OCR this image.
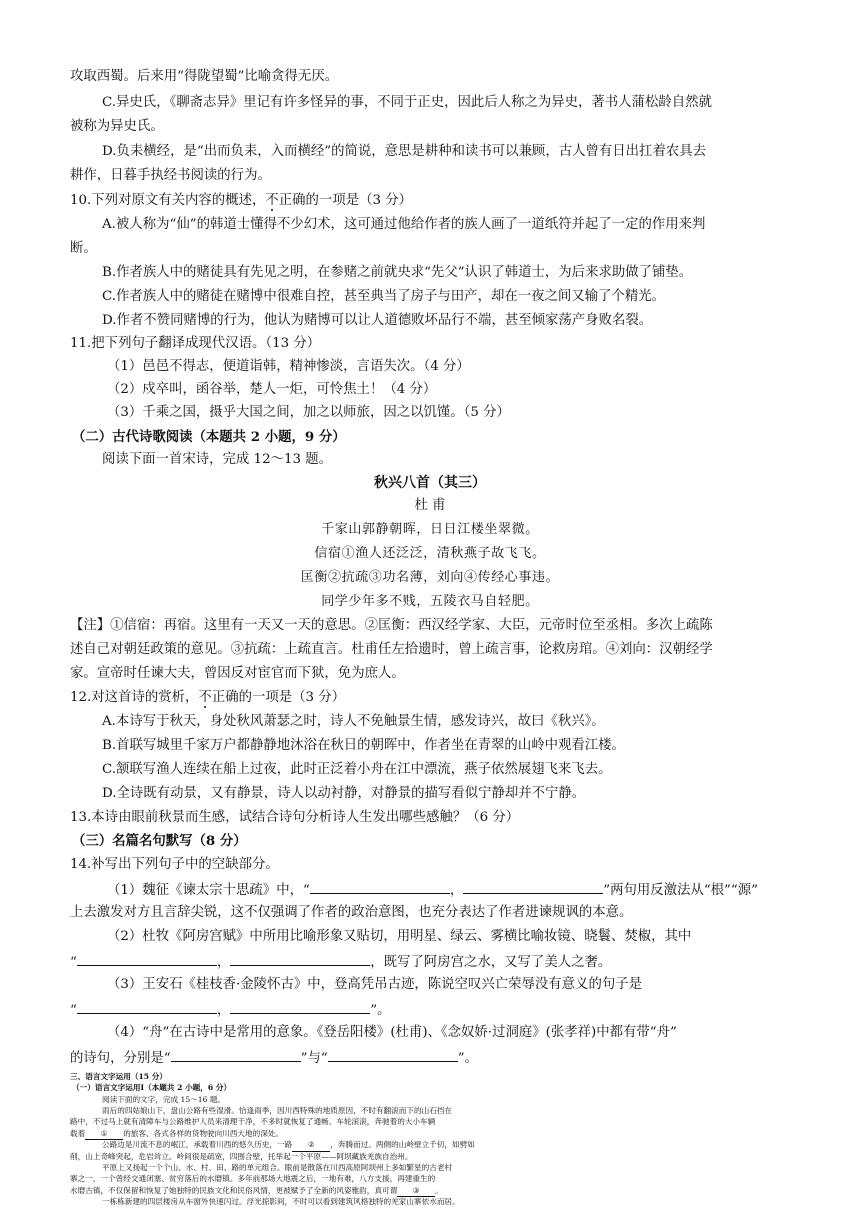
攻取西蜀。后来用“得陇望蜀”比喻贪得无厌。
C.异史氏，《聊斋志异》里记有许多怪异的事，不同于正史，因此后人称之为异史，著书人蒲松龄自然就
被称为异史氏。
D.负耒横经，是“出而负耒，入而横经”的简说，意思是耕种和读书可以兼顾，古人曾有日出扛着农具去
耕作，日暮手执经书阅读的行为。
10.下列对原文有关内容的概述，不正确的一项是（3 分）
A.被人称为“仙”的韩道士懂得不少幻术，这可通过他给作者的族人画了一道纸符并起了一定的作用来判
断。
B.作者族人中的赌徒具有先见之明，在参赌之前就央求“先父”认识了韩道士，为后来求助做了铺垫。
C.作者族人中的赌徒在赌博中很难自控，甚至典当了房子与田产，却在一夜之间又输了个精光。
D.作者不赞同赌博的行为，他认为赌博可以让人道德败坏品行不端，甚至倾家荡产身败名裂。
11.把下列句子翻译成现代汉语。（13 分）
（1）邑邑不得志，便道诣韩，精神惨淡，言语失次。（4 分）
（2）戍卒叫，函谷举，楚人一炬，可怜焦土！（4 分）
（3）千乘之国，摄乎大国之间，加之以师旅，因之以饥馑。（5 分）
（二）古代诗歌阅读（本题共 2 小题，9 分）
阅读下面一首宋诗，完成 12～13 题。
秋兴八首（其三）
杜 甫
千家山郭静朝晖，日日江楼坐翠微。
信宿①渔人还泛泛，清秋燕子故飞飞。
匡衡②抗疏③功名薄，刘向④传经心事违。
同学少年多不贱，五陵衣马自轻肥。
【注】①信宿：再宿。这里有一天又一天的意思。②匡衡：西汉经学家、大臣，元帝时位至丞相。多次上疏陈
述自己对朝廷政策的意见。③抗疏：上疏直言。杜甫任左拾遗时，曾上疏言事，论救房琯。④刘向：汉朝经学
家。宣帝时任谏大夫，曾因反对宦官而下狱，免为庶人。
12.对这首诗的赏析，不正确的一项是（3 分）
A.本诗写于秋天，身处秋风萧瑟之时，诗人不免触景生情，感发诗兴，故曰《秋兴》。
B.首联写城里千家万户都静静地沐浴在秋日的朝晖中，作者坐在青翠的山岭中观看江楼。
C.颔联写渔人连续在船上过夜，此时正泛着小舟在江中漂流，燕子依然展翅飞来飞去。
D.全诗既有动景，又有静景，诗人以动衬静，对静景的描写看似宁静却并不宁静。
13.本诗由眼前秋景而生感，试结合诗句分析诗人生发出哪些感触？（6 分）
（三）名篇名句默写（8 分）
14.补写出下列句子中的空缺部分。
（1）魏征《谏太宗十思疏》中，“	，	”两句用反激法从“根”“源”
上去激发对方且言辞尖锐，这不仅强调了作者的政治意图，也充分表达了作者进谏规讽的本意。
（2）杜牧《阿房宫赋》中所用比喻形象又贴切，用明星、绿云、雾横比喻妆镜、晓鬟、焚椒，其中
“	，	，既写了阿房宫之水，又写了美人之奢。
（3）王安石《桂枝香·金陵怀古》中，登高凭吊古迹，陈说空叹兴亡荣辱没有意义的句子是
“	，	”。
（4）“舟”在古诗中是常用的意象。《登岳阳楼》(杜甫)、《念奴娇·过洞庭》(张孝祥)中都有带“舟”
的诗句，分别是“	”与“	”。
三、语言文字运用（15 分）
（一）语言文字运用Ⅰ（本题共 2 小题，6 分）
阅读下面的文字，完成 15～16 题。
雨后的四姑娘山下，盘山公路有些湿滑。恰逢雨季，因川西特殊的地质原因，不时有翻滚而下的山石挡在
路中，不过马上就有清障车与公路维护人员来清理干净，不多时就恢复了通畅。车轮滚滚，奔驰着的大小车辆
载着 ① 的旅客、各式各样的货物驶向川西大地的深处。
公路边是川流不息的岷江，承载着川西的悠久历史，一路 ② ，奔腾而过。两侧的山岭壁立千仞，如劈如
削，山上奇峰突起，危岩耸立。岭间很是疏宽，四围合壁，托举起一个平原——阿坝藏族羌族自治州。
平原上又扬起一个个山、水、村、田、路的单元组合。眼前是散落在川西高原阿坝州上多如繁星的古老村
寨之一，一个曾经交通闭塞、贫穷落后的水磨镇。多年前那场大地震之后，一地有难，八方支援，再建重生的
水磨古镇，不仅保留和恢复了她独特的民族文化和民俗风情，更被赋予了全新的风姿雅韵，真可谓 ③ 。
一栋栋新建的四层楼房从车窗外快速闪过。浮光掠影间，不时可以看到建筑风格独特的羌家山寨依水而居。
